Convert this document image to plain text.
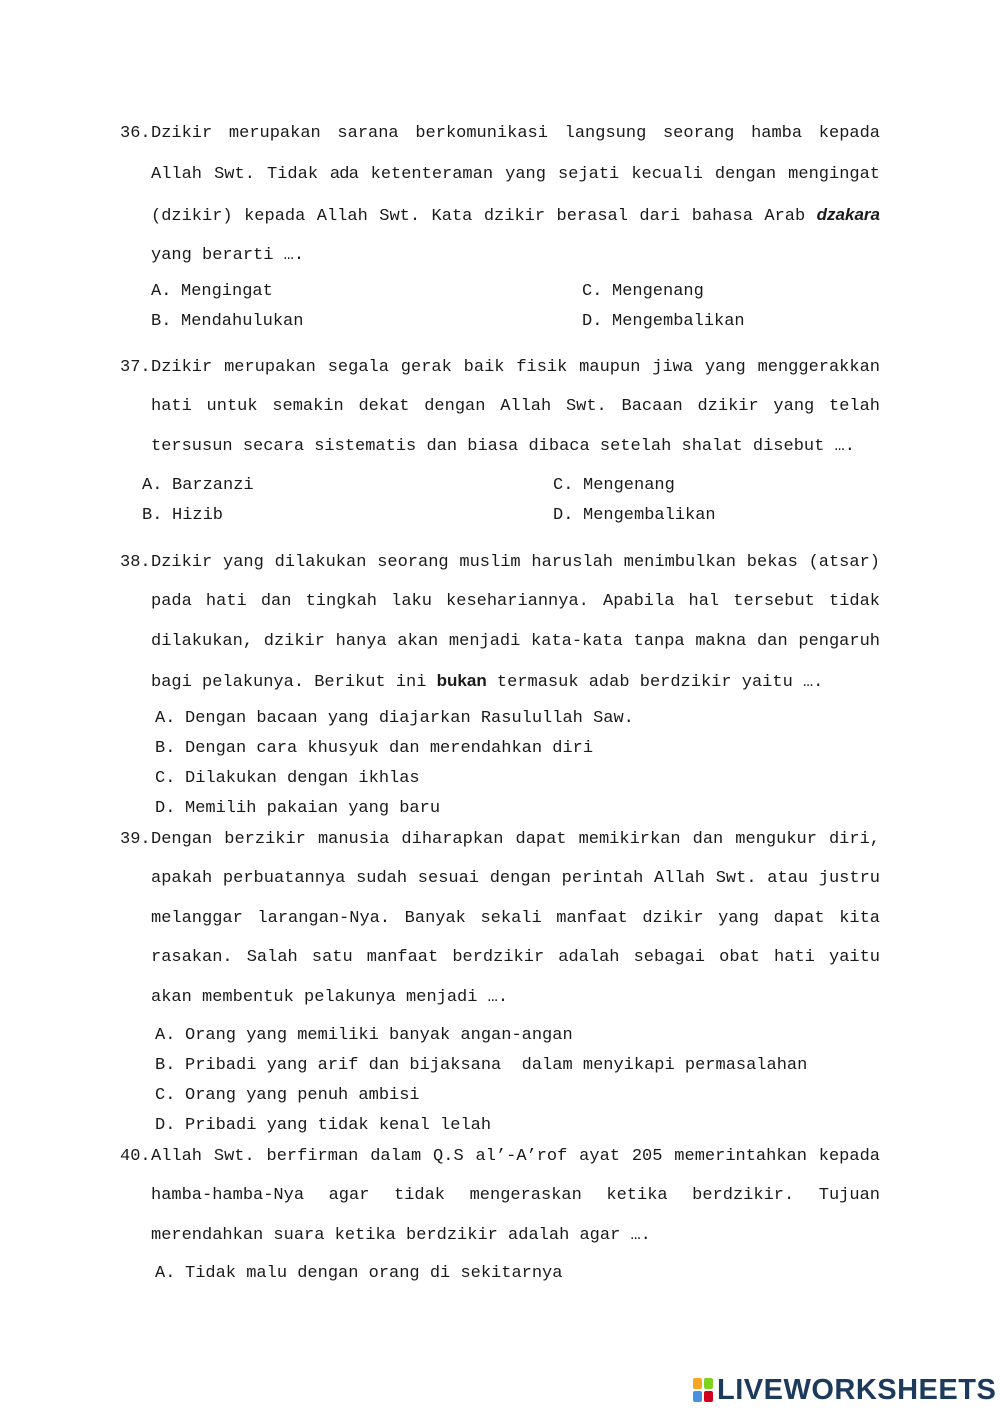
36. Dzikir merupakan sarana berkomunikasi langsung seorang hamba kepada Allah Swt. Tidak ada ketenteraman yang sejati kecuali dengan mengingat (dzikir) kepada Allah Swt. Kata dzikir berasal dari bahasa Arab dzakara yang berarti ….

A. Mengingat
B. Mendahulukan
C. Mengenang
D. Mengembalikan
37. Dzikir merupakan segala gerak baik fisik maupun jiwa yang menggerakkan hati untuk semakin dekat dengan Allah Swt. Bacaan dzikir yang telah tersusun secara sistematis dan biasa dibaca setelah shalat disebut ….

A. Barzanzi
B. Hizib
C. Mengenang
D. Mengembalikan
38. Dzikir yang dilakukan seorang muslim haruslah menimbulkan bekas (atsar) pada hati dan tingkah laku kesehariannya. Apabila hal tersebut tidak dilakukan, dzikir hanya akan menjadi kata-kata tanpa makna dan pengaruh bagi pelakunya. Berikut ini bukan termasuk adab berdzikir yaitu ….

A. Dengan bacaan yang diajarkan Rasulullah Saw.
B. Dengan cara khusyuk dan merendahkan diri
C. Dilakukan dengan ikhlas
D. Memilih pakaian yang baru
39. Dengan berzikir manusia diharapkan dapat memikirkan dan mengukur diri, apakah perbuatannya sudah sesuai dengan perintah Allah Swt. atau justru melanggar larangan-Nya. Banyak sekali manfaat dzikir yang dapat kita rasakan. Salah satu manfaat berdzikir adalah sebagai obat hati yaitu akan membentuk pelakunya menjadi ….

A. Orang yang memiliki banyak angan-angan
B. Pribadi yang arif dan bijaksana  dalam menyikapi permasalahan
C. Orang yang penuh ambisi
D. Pribadi yang tidak kenal lelah
40. Allah Swt. berfirman dalam Q.S al’-A’rof ayat 205 memerintahkan kepada hamba-hamba-Nya agar tidak mengeraskan ketika berdzikir. Tujuan merendahkan suara ketika berdzikir adalah agar ….

A. Tidak malu dengan orang di sekitarnya
LIVEWORKSHEETS
